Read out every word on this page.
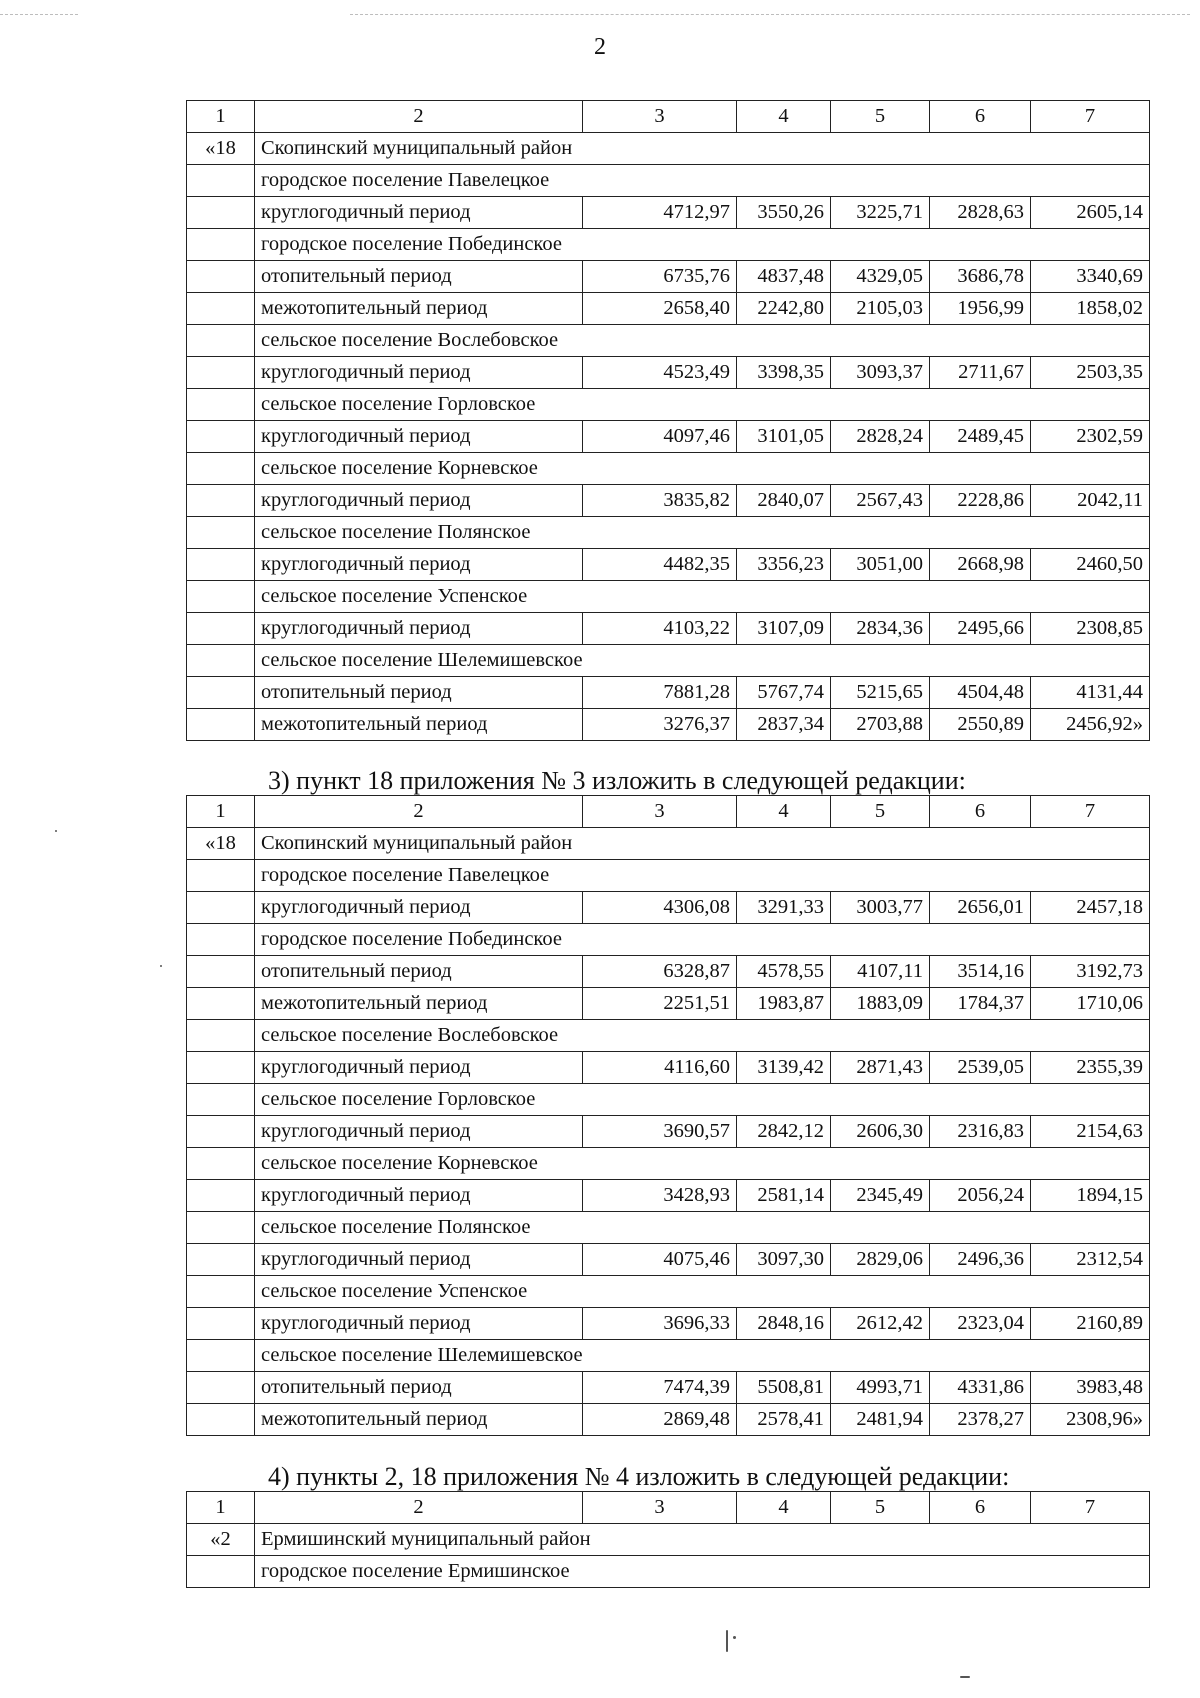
2
1	2	3	4	5	6	7
«18	Скопинский муниципальный район					
	городское поселение Павелецкое					
	круглогодичный период	4712,97	3550,26	3225,71	2828,63	2605,14
	городское поселение Побединское					
	отопительный период	6735,76	4837,48	4329,05	3686,78	3340,69
	межотопительный период	2658,40	2242,80	2105,03	1956,99	1858,02
	сельское поселение Вослебовское					
	круглогодичный период	4523,49	3398,35	3093,37	2711,67	2503,35
	сельское поселение Горловское					
	круглогодичный период	4097,46	3101,05	2828,24	2489,45	2302,59
	сельское поселение Корневское					
	круглогодичный период	3835,82	2840,07	2567,43	2228,86	2042,11
	сельское поселение Полянское					
	круглогодичный период	4482,35	3356,23	3051,00	2668,98	2460,50
	сельское поселение Успенское					
	круглогодичный период	4103,22	3107,09	2834,36	2495,66	2308,85
	сельское поселение Шелемишевское					
	отопительный период	7881,28	5767,74	5215,65	4504,48	4131,44
	межотопительный период	3276,37	2837,34	2703,88	2550,89	2456,92»
3) пункт 18 приложения № 3 изложить в следующей редакции:
1	2	3	4	5	6	7
«18	Скопинский муниципальный район					
	городское поселение Павелецкое					
	круглогодичный период	4306,08	3291,33	3003,77	2656,01	2457,18
	городское поселение Побединское					
	отопительный период	6328,87	4578,55	4107,11	3514,16	3192,73
	межотопительный период	2251,51	1983,87	1883,09	1784,37	1710,06
	сельское поселение Вослебовское					
	круглогодичный период	4116,60	3139,42	2871,43	2539,05	2355,39
	сельское поселение Горловское					
	круглогодичный период	3690,57	2842,12	2606,30	2316,83	2154,63
	сельское поселение Корневское					
	круглогодичный период	3428,93	2581,14	2345,49	2056,24	1894,15
	сельское поселение Полянское					
	круглогодичный период	4075,46	3097,30	2829,06	2496,36	2312,54
	сельское поселение Успенское					
	круглогодичный период	3696,33	2848,16	2612,42	2323,04	2160,89
	сельское поселение Шелемишевское					
	отопительный период	7474,39	5508,81	4993,71	4331,86	3983,48
	межотопительный период	2869,48	2578,41	2481,94	2378,27	2308,96»
4) пункты 2, 18 приложения № 4 изложить в следующей редакции:
1	2	3	4	5	6	7
«2	Ермишинский муниципальный район					
	городское поселение Ермишинское					
